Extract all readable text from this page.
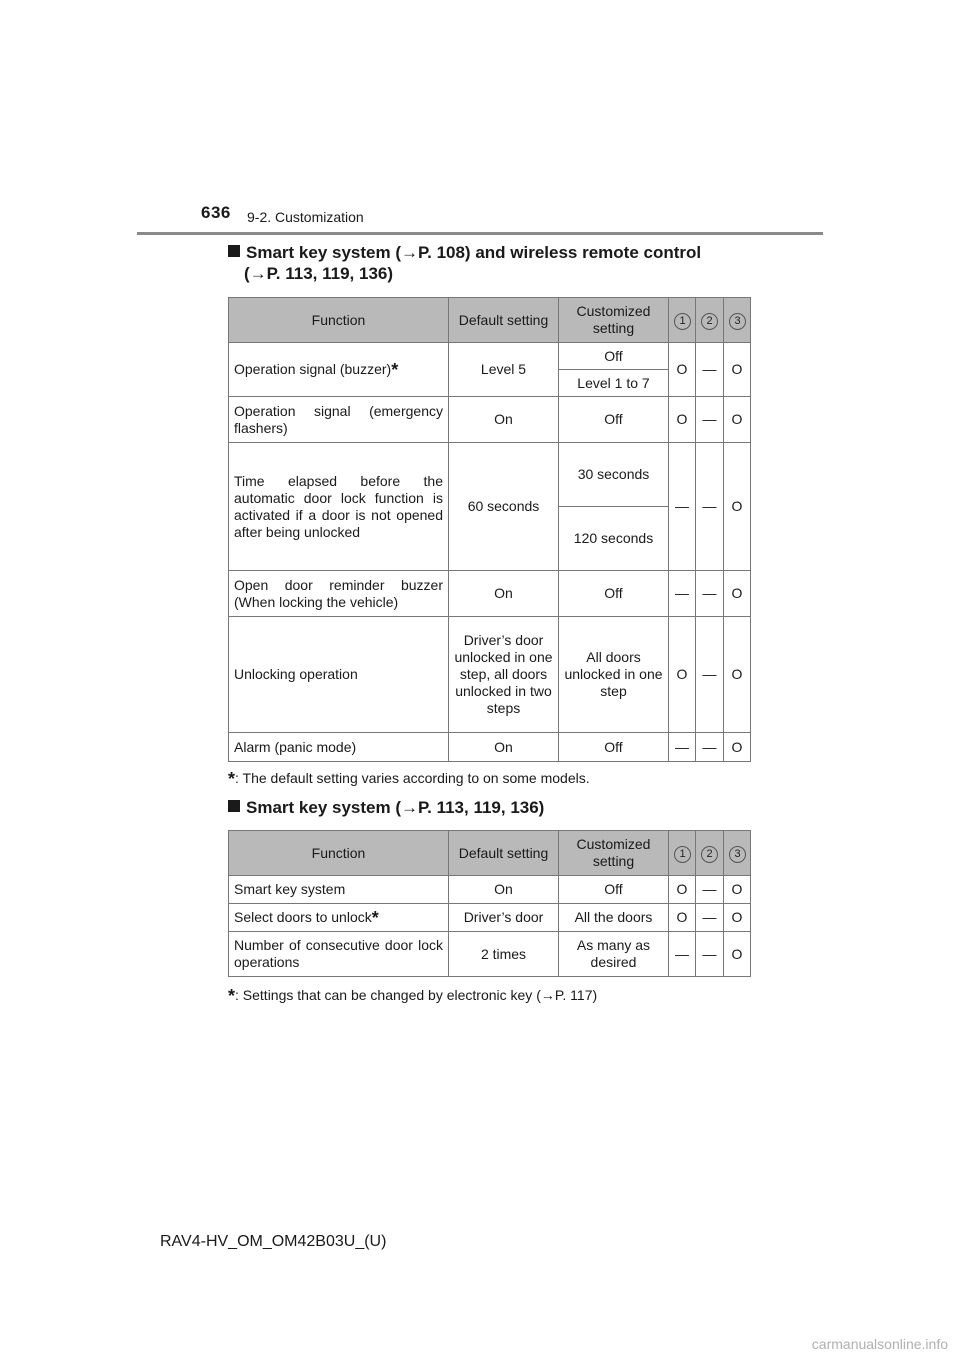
636 9-2. Customization
Smart key system (→P. 108) and wireless remote control
(→P. 113, 119, 136)
Function	Default setting	Customized setting	1	2	3
Operation signal (buzzer)*	Level 5	Off	O	—	O
		Level 1 to 7			
Operation signal (emergency flashers)	On	Off	O	—	O
Time elapsed before the automatic door lock function is activated if a door is not opened after being unlocked	60 seconds	30 seconds	—	—	O
		120 seconds			
Open door reminder buzzer (When locking the vehicle)	On	Off	—	—	O
Unlocking operation	Driver’s door unlocked in one step, all doors unlocked in two steps	All doors unlocked in one step	O	—	O
Alarm (panic mode)	On	Off	—	—	O
*: The default setting varies according to on some models.
Smart key system (→P. 113, 119, 136)
Function	Default setting	Customized setting	1	2	3
Smart key system	On	Off	O	—	O
Select doors to unlock*	Driver’s door	All the doors	O	—	O
Number of consecutive door lock operations	2 times	As many as desired	—	—	O
*: Settings that can be changed by electronic key (→P. 117)
RAV4-HV_OM_OM42B03U_(U)
carmanualsonline.info
